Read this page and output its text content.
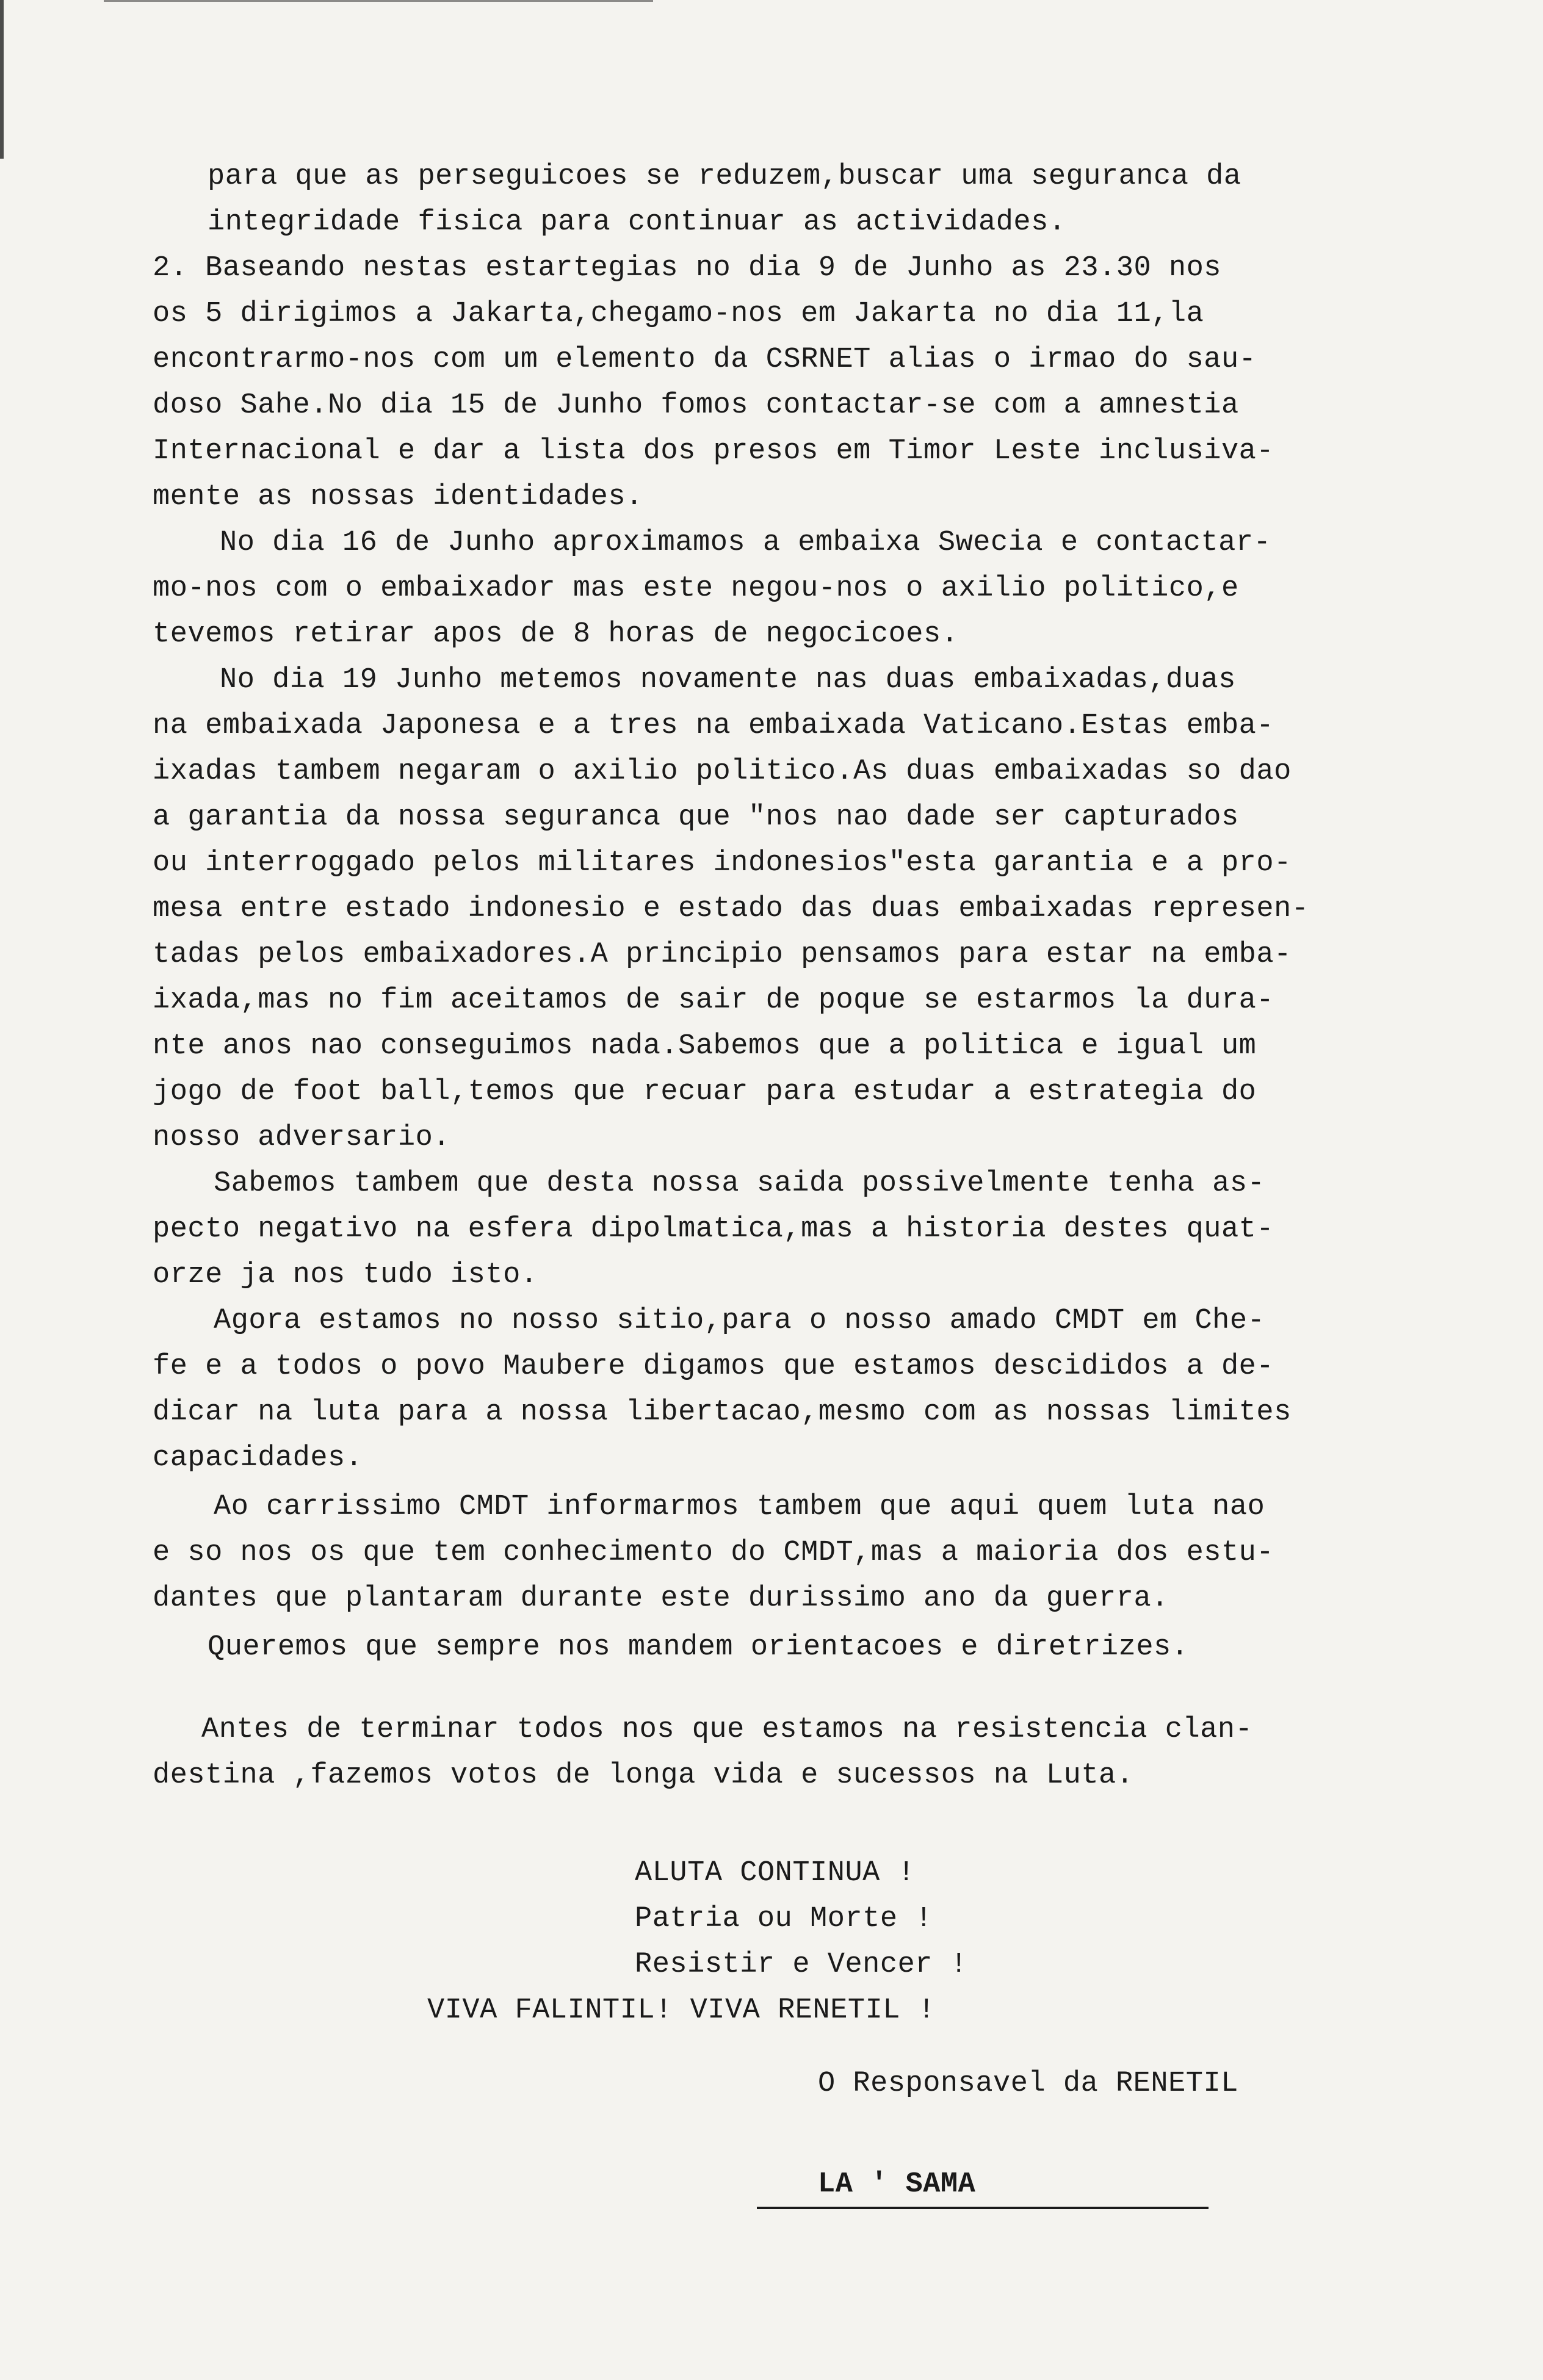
para que as perseguicoes se reduzem,buscar uma seguranca da
integridade fisica para continuar as actividades.
2. Baseando nestas estartegias no dia 9 de Junho as 23.30 nos
os 5 dirigimos a Jakarta,chegamo-nos em Jakarta no dia 11,la
encontrarmo-nos com um elemento da CSRNET alias o irmao do sau-
doso Sahe.No dia 15 de Junho fomos contactar-se com a amnestia
Internacional e dar a lista dos presos em Timor Leste inclusiva-
mente as nossas identidades.
No dia 16 de Junho aproximamos a embaixa Swecia e contactar-
mo-nos com o embaixador mas este negou-nos o axilio politico,e
tevemos retirar apos de 8 horas de negocicoes.
No dia 19 Junho metemos novamente nas duas embaixadas,duas
na embaixada Japonesa e a tres na embaixada Vaticano.Estas emba-
ixadas tambem negaram o axilio politico.As duas embaixadas so dao
a garantia da nossa seguranca que "nos nao dade ser capturados
ou interroggado pelos militares indonesios"esta garantia e a pro-
mesa entre estado indonesio e estado das duas embaixadas represen-
tadas pelos embaixadores.A principio pensamos para estar na emba-
ixada,mas no fim aceitamos de sair de poque se estarmos la dura-
nte anos nao conseguimos nada.Sabemos que a politica e igual um
jogo de foot ball,temos que recuar para estudar a estrategia do
nosso adversario.
Sabemos tambem que desta nossa saida possivelmente tenha as-
pecto negativo na esfera dipolmatica,mas a historia destes quat-
orze ja nos tudo isto.
Agora estamos no nosso sitio,para o nosso amado CMDT em Che-
fe e a todos o povo Maubere digamos que estamos descididos a de-
dicar na luta para a nossa libertacao,mesmo com as nossas limites
capacidades.
Ao carrissimo CMDT informarmos tambem que aqui quem luta nao
e so nos os que tem conhecimento do CMDT,mas a maioria dos estu-
dantes que plantaram durante este durissimo ano da guerra.
Queremos que sempre nos mandem orientacoes e diretrizes.
Antes de terminar todos nos que estamos na resistencia clan-
destina ,fazemos votos de longa vida e sucessos na Luta.
ALUTA CONTINUA !
Patria ou Morte !
Resistir e Vencer !
VIVA FALINTIL! VIVA RENETIL !
O Responsavel da RENETIL
LA ' SAMA
